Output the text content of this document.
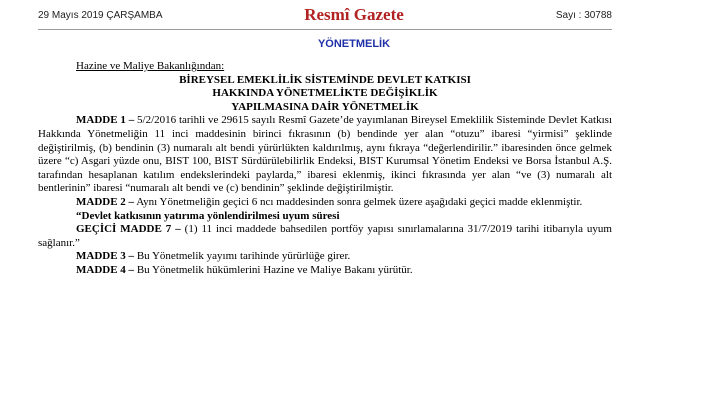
29 Mayıs 2019 ÇARŞAMBA	Resmî Gazete	Sayı : 30788
YÖNETMELİK

Hazine ve Maliye Bakanlığından:

BİREYSEL EMEKLİLİK SİSTEMİNDE DEVLET KATKISI

HAKKINDA YÖNETMELİKTE DEĞİŞİKLİK

YAPILMASINA DAİR YÖNETMELİK

MADDE 1 – 5/2/2016 tarihli ve 29615 sayılı Resmî Gazete’de yayımlanan Bireysel Emeklilik Sisteminde Devlet Katkısı Hakkında Yönetmeliğin 11 inci maddesinin birinci fıkrasının (b) bendinde yer alan “otuzu” ibaresi “yirmisi” şeklinde değiştirilmiş, (b) bendinin (3) numaralı alt bendi yürürlükten kaldırılmış, aynı fıkraya “değerlendirilir.” ibaresinden önce gelmek üzere “c) Asgari yüzde onu, BIST 100, BIST Sürdürülebilirlik Endeksi, BIST Kurumsal Yönetim Endeksi ve Borsa İstanbul A.Ş. tarafından hesaplanan katılım endekslerindeki paylarda,” ibaresi eklenmiş, ikinci fıkrasında yer alan “ve (3) numaralı alt bentlerinin” ibaresi “numaralı alt bendi ve (c) bendinin” şeklinde değiştirilmiştir.

MADDE 2 – Aynı Yönetmeliğin geçici 6 ncı maddesinden sonra gelmek üzere aşağıdaki geçici madde eklenmiştir.

“Devlet katkısının yatırıma yönlendirilmesi uyum süresi

GEÇİCİ MADDE 7 – (1) 11 inci maddede bahsedilen portföy yapısı sınırlamalarına 31/7/2019 tarihi itibarıyla uyum sağlanır.”

MADDE 3 – Bu Yönetmelik yayımı tarihinde yürürlüğe girer.

MADDE 4 – Bu Yönetmelik hükümlerini Hazine ve Maliye Bakanı yürütür.
